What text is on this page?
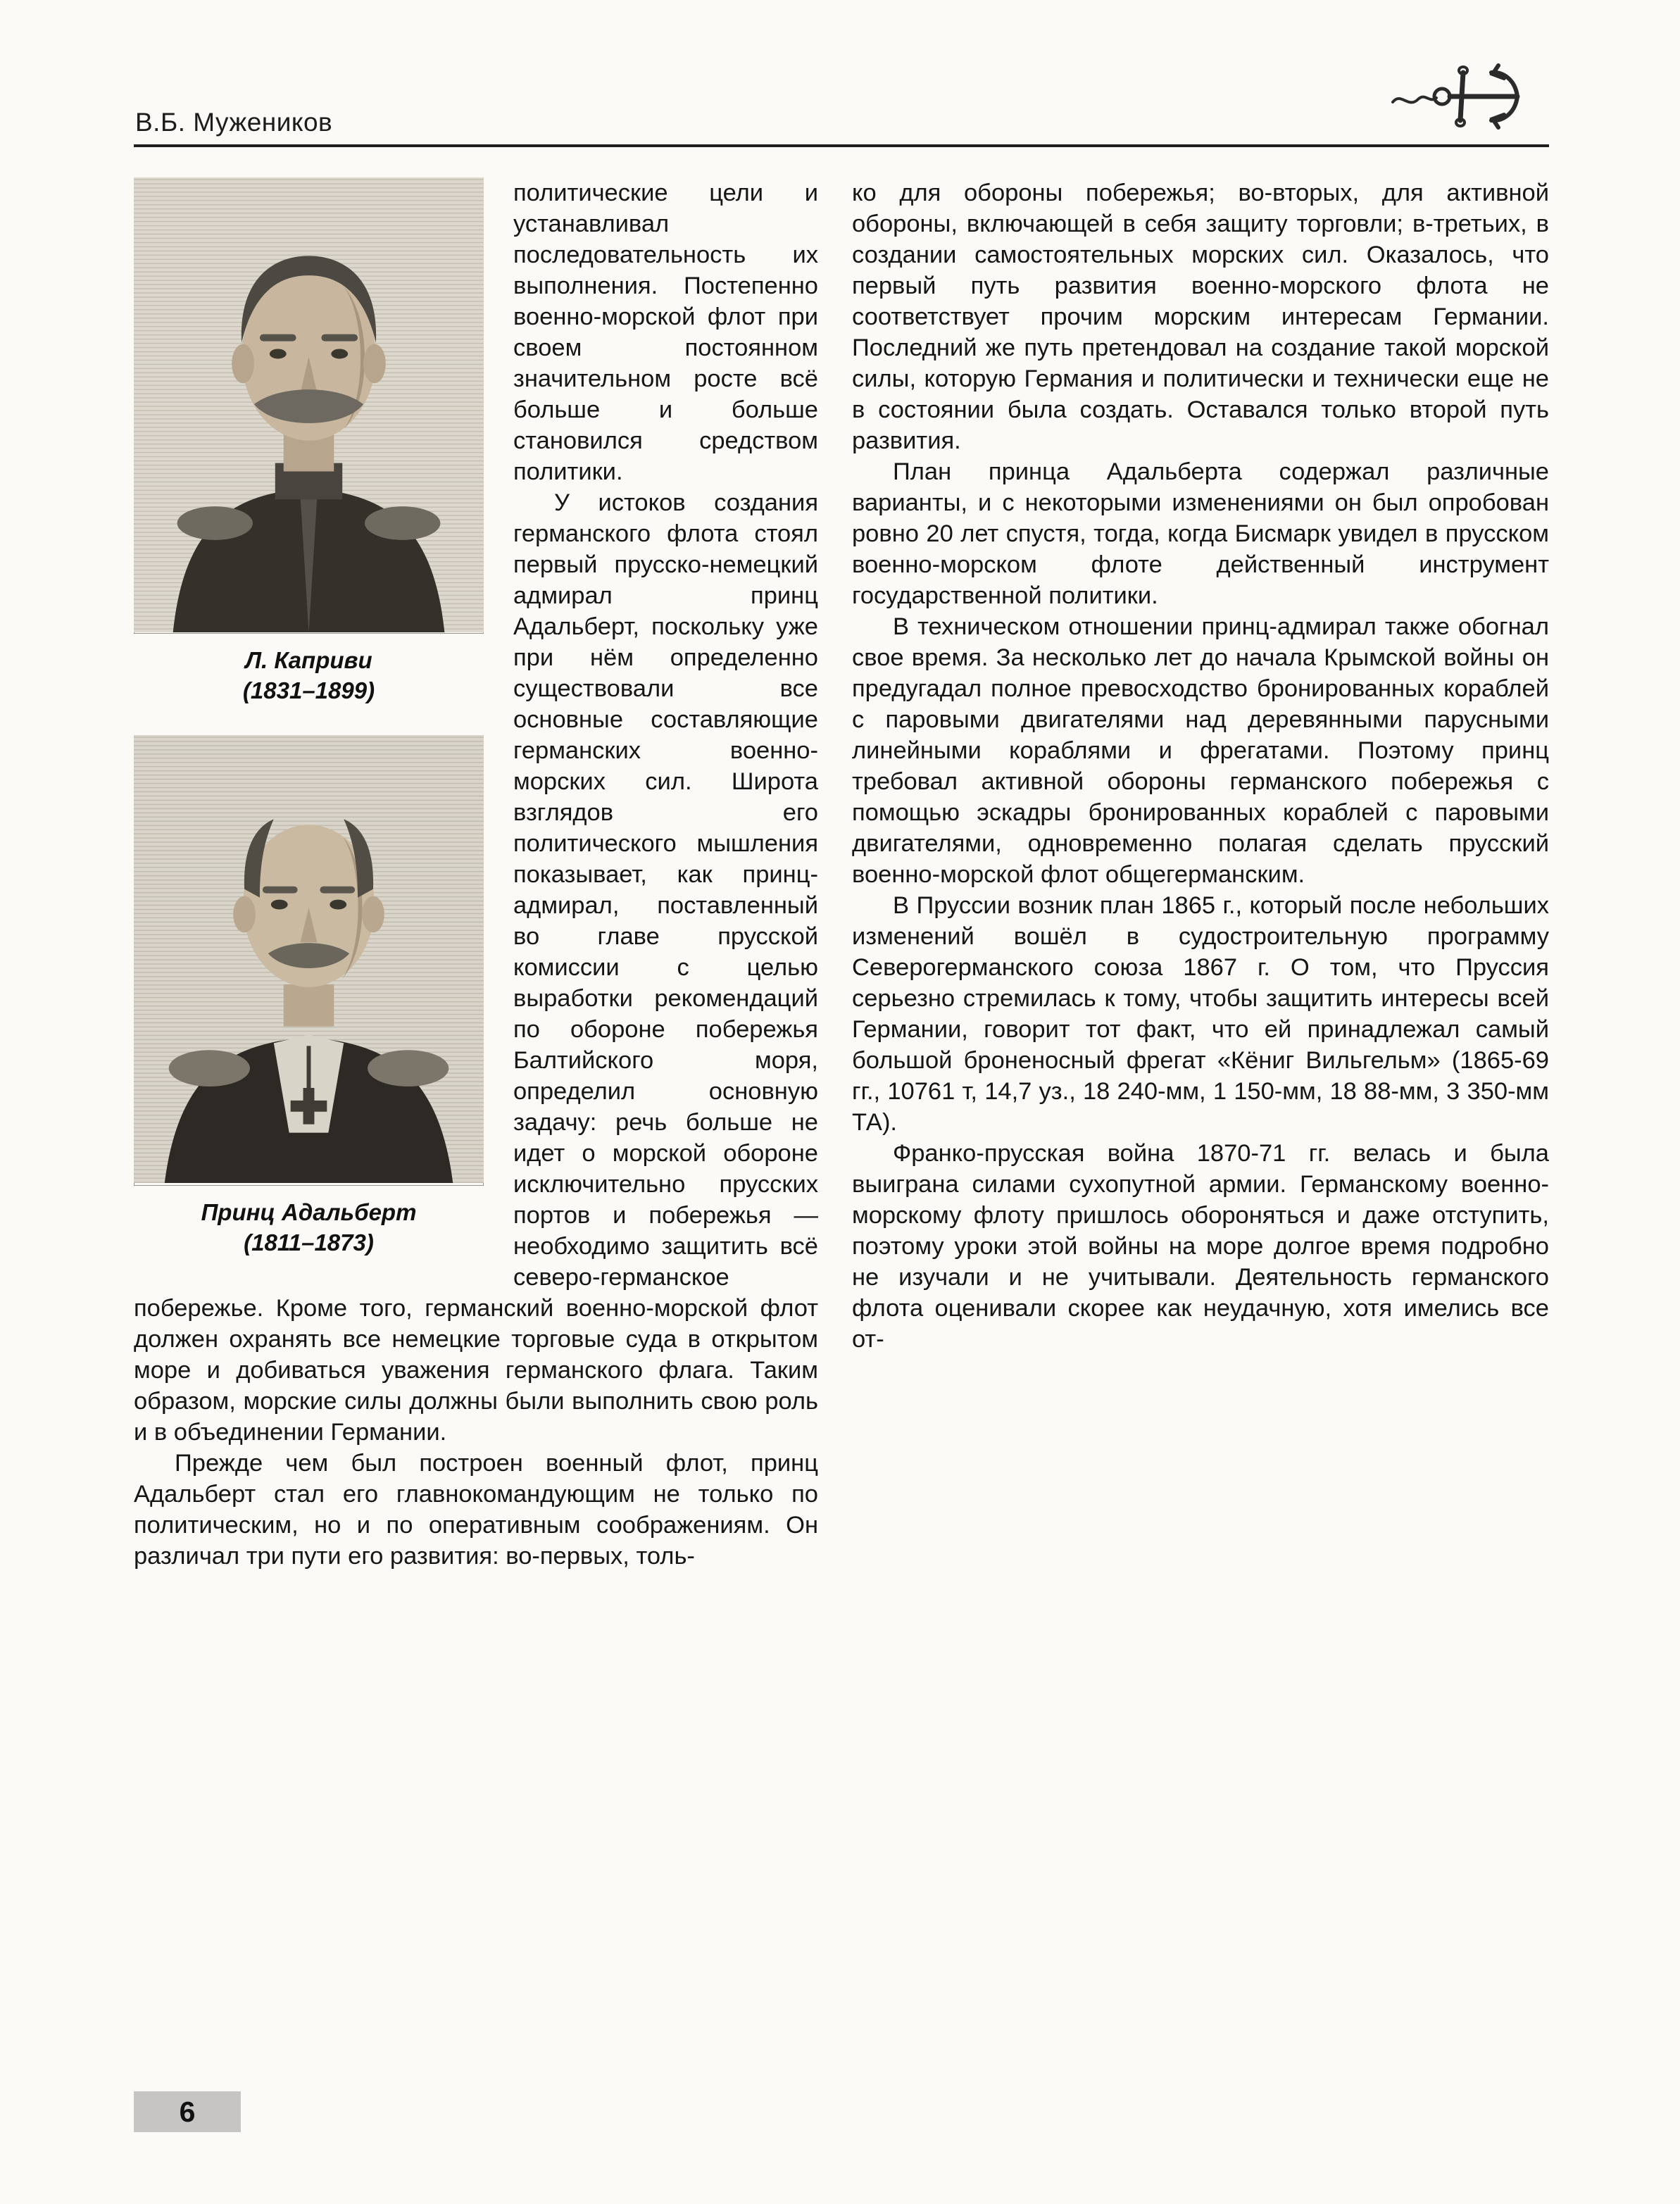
В.Б. Мужеников
Л. Каприви
(1831–1899)
Принц Адальберт
(1811–1873)

политические цели и устанавливал последовательность их выполнения. Постепенно военно-морской флот при своем постоянном значительном росте всё больше и больше становился средством политики.

У истоков создания германского флота стоял первый прусско-немецкий адмирал принц Адальберт, поскольку уже при нём определенно существовали все основные составляющие германских военно-морских сил. Широта взглядов его политического мышления показывает, как принц-адмирал, поставленный во главе прусской комиссии с целью выработки рекомендаций по обороне побережья Балтийского моря, определил основную задачу: речь больше не идет о морской обороне исключительно прусских портов и побережья — необходимо защитить всё северо-германское побережье. Кроме того, германский военно-морской флот должен охранять все немецкие торговые суда в открытом море и добиваться уважения германского флага. Таким образом, морские силы должны были выполнить свою роль и в объединении Германии.

Прежде чем был построен военный флот, принц Адальберт стал его главнокомандующим не только по политическим, но и по оперативным соображениям. Он различал три пути его развития: во-первых, толь-

ко для обороны побережья; во-вторых, для активной обороны, включающей в себя защиту торговли; в-третьих, в создании самостоятельных морских сил. Оказалось, что первый путь развития военно-морского флота не соответствует прочим морским интересам Германии. Последний же путь претендовал на создание такой морской силы, которую Германия и политически и технически еще не в состоянии была создать. Оставался только второй путь развития.

План принца Адальберта содержал различные варианты, и с некоторыми изменениями он был опробован ровно 20 лет спустя, тогда, когда Бисмарк увидел в прусском военно-морском флоте действенный инструмент государственной политики.

В техническом отношении принц-адмирал также обогнал свое время. За несколько лет до начала Крымской войны он предугадал полное превосходство бронированных кораблей с паровыми двигателями над деревянными парусными линейными кораблями и фрегатами. Поэтому принц требовал активной обороны германского побережья с помощью эскадры бронированных кораблей с паровыми двигателями, одновременно полагая сделать прусский военно-морской флот общегерманским.

В Пруссии возник план 1865 г., который после небольших изменений вошёл в судостроительную программу Северогерманского союза 1867 г. О том, что Пруссия серьезно стремилась к тому, чтобы защитить интересы всей Германии, говорит тот факт, что ей принадлежал самый большой броненосный фрегат «Кёниг Вильгельм» (1865-69 гг., 10761 т, 14,7 уз., 18 240-мм, 1 150-мм, 18 88-мм, 3 350-мм ТА).

Франко-прусская война 1870-71 гг. велась и была выиграна силами сухопутной армии. Германскому военно-морскому флоту пришлось обороняться и даже отступить, поэтому уроки этой войны на море долгое время подробно не изучали и не учитывали. Деятельность германского флота оценивали скорее как неудачную, хотя имелись все от-

6
